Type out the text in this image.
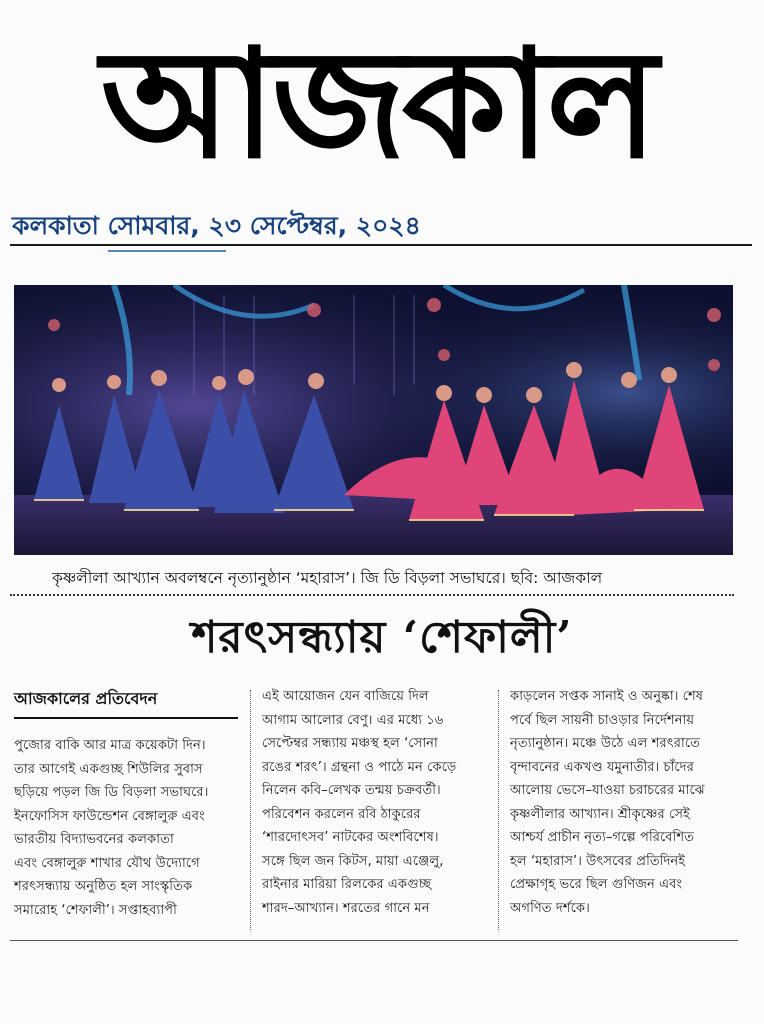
আজকাল
কলকাতা সোমবার, ২৩ সেপ্টেম্বর, ২০২৪
কৃষ্ণলীলা আখ্যান অবলম্বনে নৃত্যানুষ্ঠান ‘মহারাস’। জি ডি বিড়লা সভাঘরে। ছবি: আজকাল
শরৎসন্ধ্যায় ‘শেফালী’
আজকালের প্রতিবেদন
পুজোর বাকি আর মাত্র কয়েকটা দিন।
তার আগেই একগুচ্ছ শিউলির সুবাস
ছড়িয়ে পড়ল জি ডি বিড়লা সভাঘরে।
ইনফোসিস ফাউন্ডেশন বেঙ্গালুরু এবং
ভারতীয় বিদ্যাভবনের কলকাতা
এবং বেঙ্গালুরু শাখার যৌথ উদ্যোগে
শরৎসন্ধ্যায় অনুষ্ঠিত হল সাংস্কৃতিক
সমারোহ ‘শেফালী’। সপ্তাহব্যাপী
এই আয়োজন যেন বাজিয়ে দিল
আগাম আলোর বেণু। এর মধ্যে ১৬
সেপ্টেম্বর সন্ধ্যায় মঞ্চস্থ হল ‘সোনা
রঙের শরৎ’। গ্রন্থনা ও পাঠে মন কেড়ে
নিলেন কবি–লেখক তন্ময় চক্রবর্তী।
পরিবেশন করলেন রবি ঠাকুরের
‘শারদোৎসব’ নাটকের অংশবিশেষ।
সঙ্গে ছিল জন কিটস, মায়া এঞ্জেলু,
রাইনার মারিয়া রিলকের একগুচ্ছ
শারদ–আখ্যান। শরতের গানে মন
কাড়লেন সপ্তক সানাই ও অনুষ্কা। শেষ
পর্বে ছিল সায়নী চাওড়ার নির্দেশনায়
নৃত্যানুষ্ঠান। মঞ্চে উঠে এল শরৎরাতে
বৃন্দাবনের একখণ্ড যমুনাতীর। চাঁদের
আলোয় ভেসে–যাওয়া চরাচরের মাঝে
কৃষ্ণলীলার আখ্যান। শ্রীকৃষ্ণের সেই
আশ্চর্য প্রাচীন নৃত্য–গল্পে পরিবেশিত
হল ‘মহারাস’। উৎসবের প্রতিদিনই
প্রেক্ষাগৃহ ভরে ছিল গুণিজন এবং
অগণিত দর্শকে।
